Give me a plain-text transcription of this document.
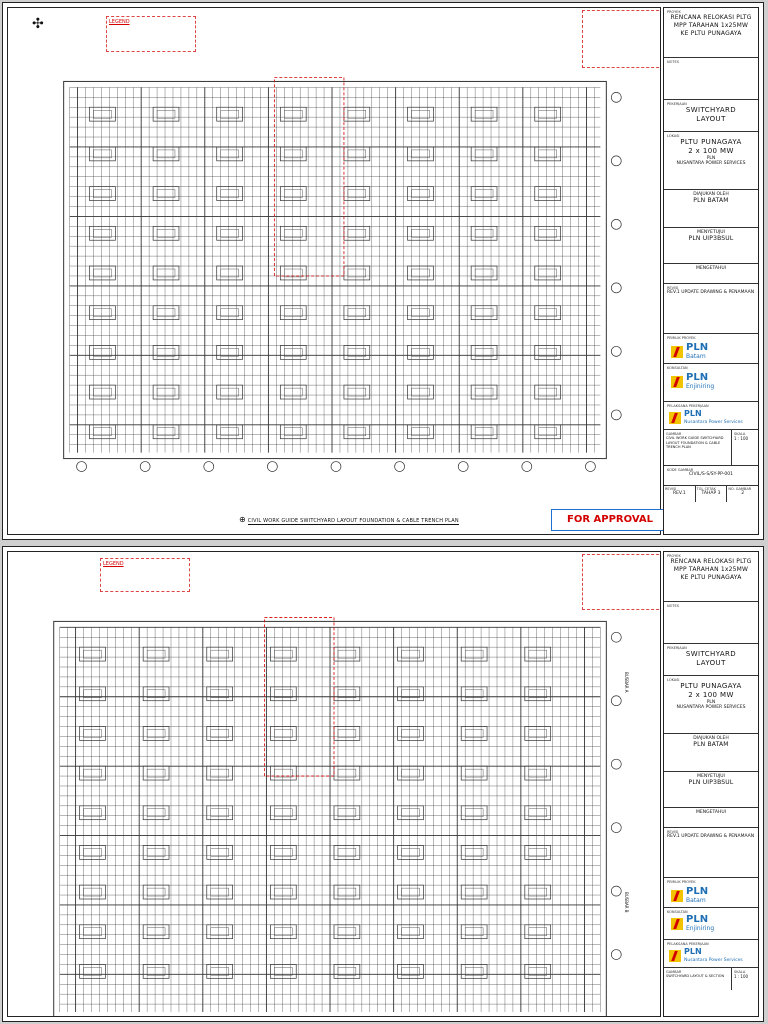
✣	LEGEND
⊕ CIVIL WORK GUIDE SWITCHYARD LAYOUT FOUNDATION & CABLE TRENCH PLAN	FOR APPROVAL
PROYEK
RENCANA RELOKASI PLTG
MPP TARAHAN 1x25MW
KE PLTU PUNAGAYA
NOTES
PEKERJAAN
SWITCHYARD
LAYOUT
LOKASI
PLTU PUNAGAYA
2 x 100 MW
PLN
NUSANTARA POWER SERVICES
DIAJUKAN OLEH
PLN BATAM
MENYETUJUI
PLN UIP3BSUL
MENGETAHUI
REVISI
REV.1 UPDATE DRAWING & PENAMAAN
PEMILIK PROYEK
PLN
Batam
KONSULTAN
PLN
Enjiniring
PELAKSANA PEKERJAAN
PLN
Nusantara Power Services
GAMBAR
CIVIL WORK GUIDE SWITCHYARD LAYOUT FOUNDATION & CABLE TRENCH PLAN
SKALA
1 : 100
KODE GAMBAR
CIVIL/S-S/SY-PP-001
REVISI
REV.1
TGL CETAK
TAHAP 3
NO. GAMBAR
2
LEGEND
BUSBAR A
BUSBAR B
PROYEK
RENCANA RELOKASI PLTG
MPP TARAHAN 1x25MW
KE PLTU PUNAGAYA
NOTES
PEKERJAAN
SWITCHYARD
LAYOUT
LOKASI
PLTU PUNAGAYA
2 x 100 MW
PLN
NUSANTARA POWER SERVICES
DIAJUKAN OLEH
PLN BATAM
MENYETUJUI
PLN UIP3BSUL
MENGETAHUI
REVISI
REV.1 UPDATE DRAWING & PENAMAAN
PEMILIK PROYEK
PLN
Batam
KONSULTAN
PLN
Enjiniring
PELAKSANA PEKERJAAN
PLN
Nusantara Power Services
GAMBAR
SWITCHYARD LAYOUT & SECTION
SKALA
1 : 100
